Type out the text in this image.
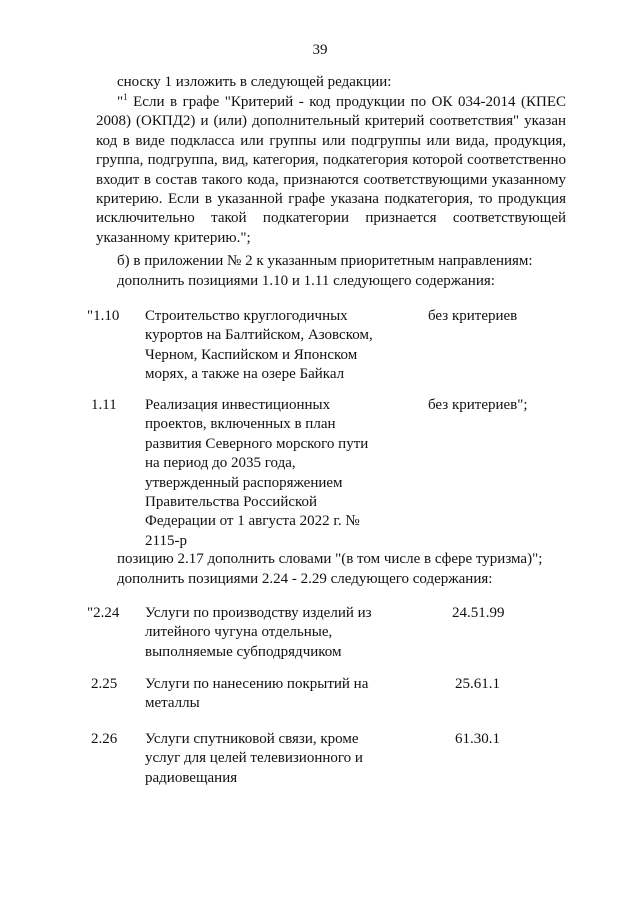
39
сноску 1 изложить в следующей редакции:
"$^1$ Если в графе "Критерий - код продукции по ОК 034-2014 (КПЕС 2008) (ОКПД2) и (или) дополнительный критерий соответствия" указан код в виде подкласса или группы или подгруппы или вида, продукция, группа, подгруппа, вид, категория, подкатегория которой соответственно входит в состав такого кода, признаются соответствующими указанному критерию. Если в указанной графе указана подкатегория, то продукция исключительно такой подкатегории признается соответствующей указанному критерию.";
б) в приложении № 2 к указанным приоритетным направлениям:
дополнить позициями 1.10 и 1.11 следующего содержания:
"1.10 Строительство круглогодичных курортов на Балтийском, Азовском, Черном, Каспийском и Японском морях, а также на озере Байкал
без критериев
1.11 Реализация инвестиционных проектов, включенных в план развития Северного морского пути на период до 2035 года, утвержденный распоряжением Правительства Российской Федерации от 1 августа 2022 г. № 2115-р
без критериев";
позицию 2.17 дополнить словами "(в том числе в сфере туризма)";
дополнить позициями 2.24 - 2.29 следующего содержания:
"2.24 Услуги по производству изделий из литейного чугуна отдельные, выполняемые субподрядчиком
24.51.99
2.25 Услуги по нанесению покрытий на металлы
25.61.1
2.26 Услуги спутниковой связи, кроме услуг для целей телевизионного и радиовещания
61.30.1
